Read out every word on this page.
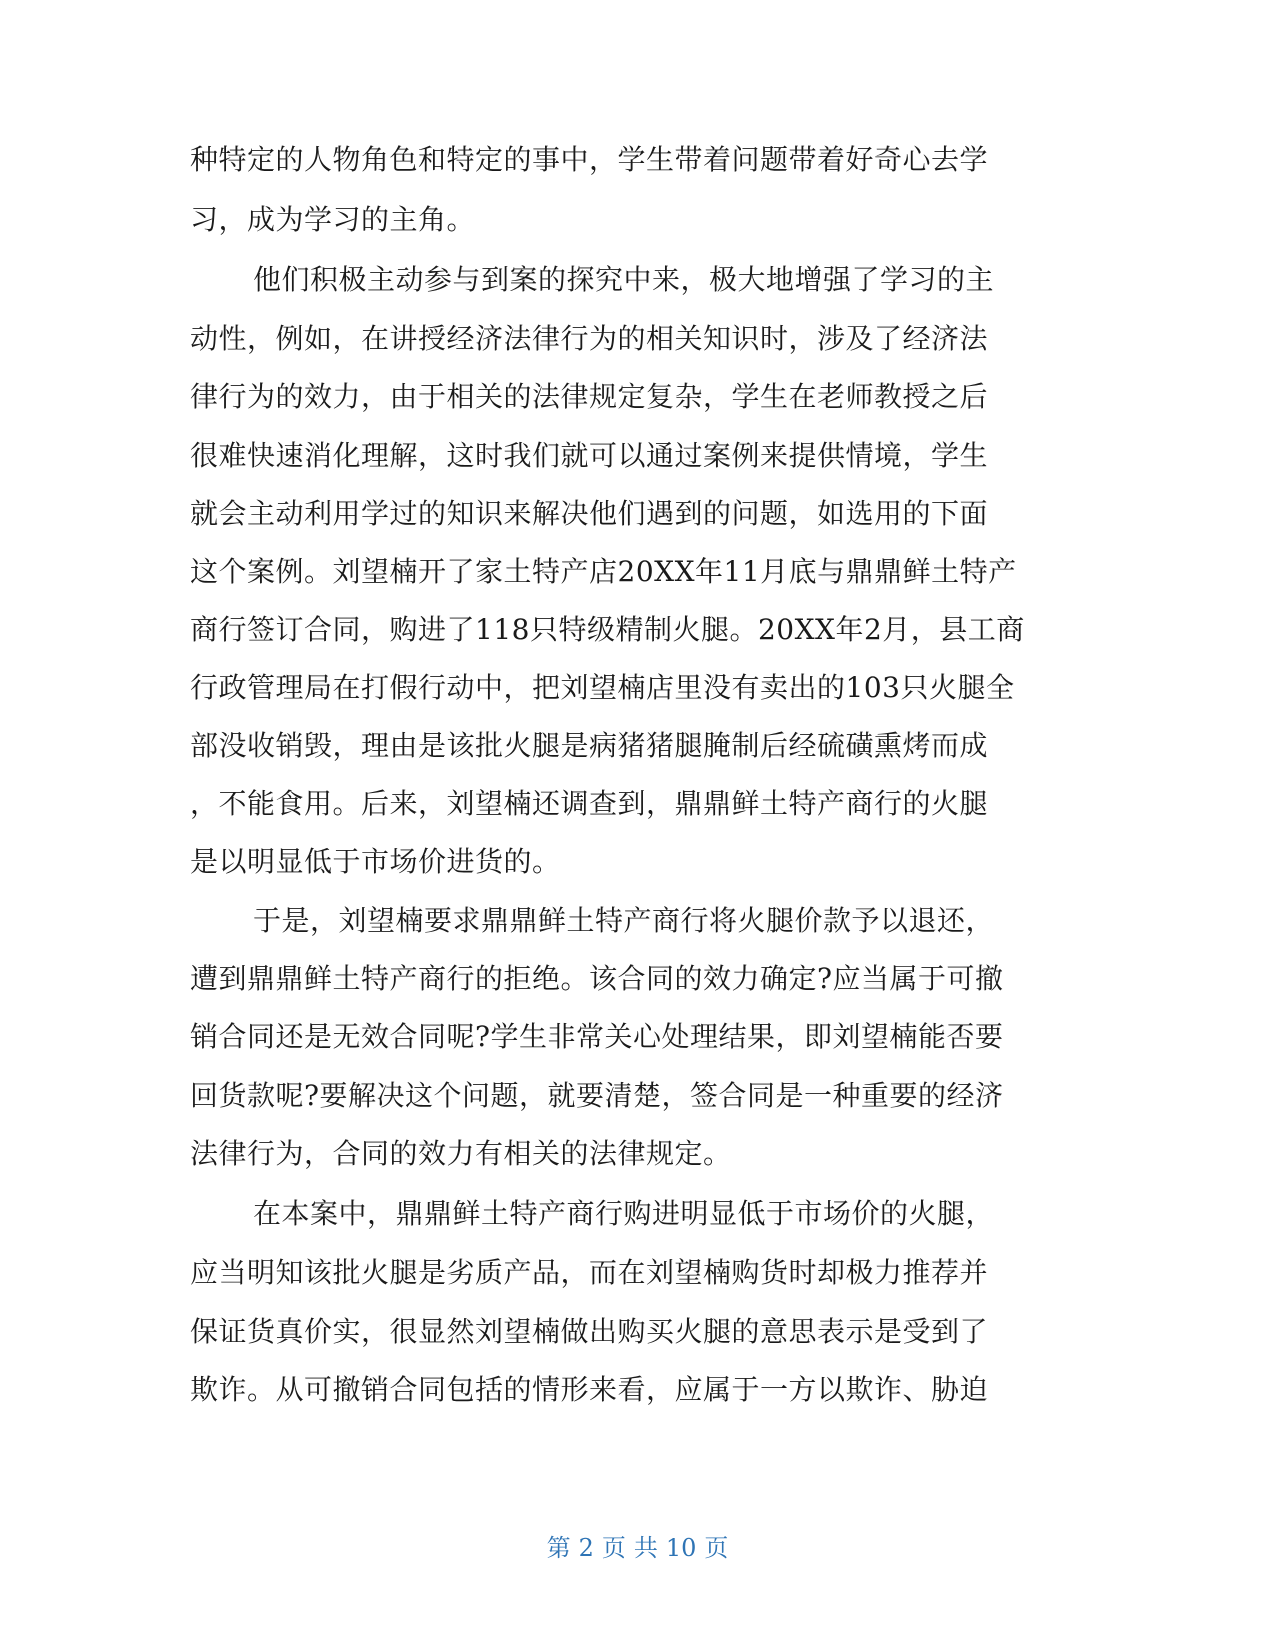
种特定的人物角色和特定的事中，学生带着问题带着好奇心去学
习，成为学习的主角。
他们积极主动参与到案的探究中来，极大地增强了学习的主
动性，例如，在讲授经济法律行为的相关知识时，涉及了经济法
律行为的效力，由于相关的法律规定复杂，学生在老师教授之后
很难快速消化理解，这时我们就可以通过案例来提供情境，学生
就会主动利用学过的知识来解决他们遇到的问题，如选用的下面
这个案例。刘望楠开了家土特产店20XX年11月底与鼎鼎鲜土特产
商行签订合同，购进了118只特级精制火腿。20XX年2月，县工商
行政管理局在打假行动中，把刘望楠店里没有卖出的103只火腿全
部没收销毁，理由是该批火腿是病猪猪腿腌制后经硫磺熏烤而成
，不能食用。后来，刘望楠还调查到，鼎鼎鲜土特产商行的火腿
是以明显低于市场价进货的。
于是，刘望楠要求鼎鼎鲜土特产商行将火腿价款予以退还，
遭到鼎鼎鲜土特产商行的拒绝。该合同的效力确定?应当属于可撤
销合同还是无效合同呢?学生非常关心处理结果，即刘望楠能否要
回货款呢?要解决这个问题，就要清楚，签合同是一种重要的经济
法律行为，合同的效力有相关的法律规定。
在本案中，鼎鼎鲜土特产商行购进明显低于市场价的火腿，
应当明知该批火腿是劣质产品，而在刘望楠购货时却极力推荐并
保证货真价实，很显然刘望楠做出购买火腿的意思表示是受到了
欺诈。从可撤销合同包括的情形来看，应属于一方以欺诈、胁迫
第 2 页 共 10 页
